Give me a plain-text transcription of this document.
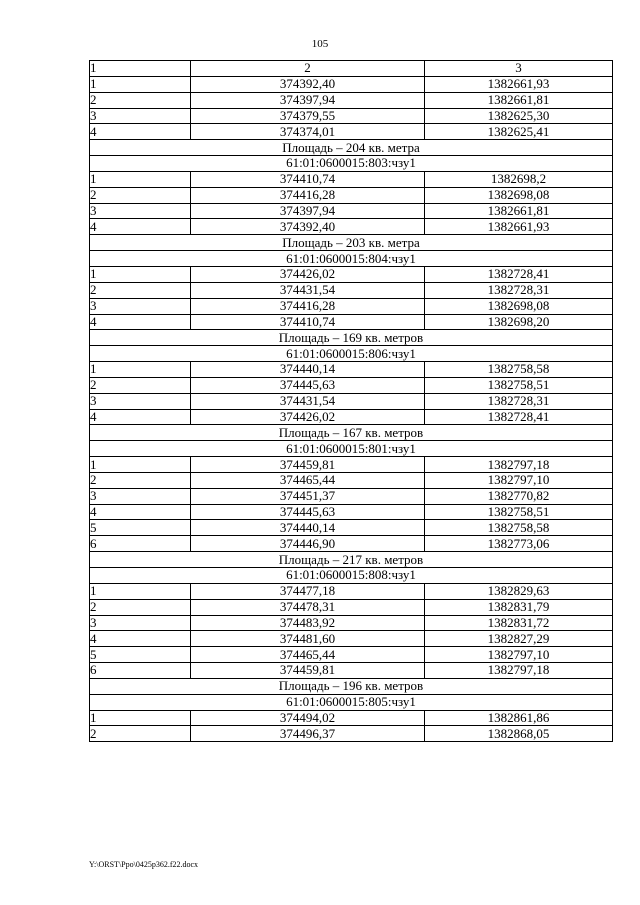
105
1	2	3
1	374392,40	1382661,93
2	374397,94	1382661,81
3	374379,55	1382625,30
4	374374,01	1382625,41
Площадь – 204 кв. метра		
61:01:0600015:803:чзу1		
1	374410,74	1382698,2
2	374416,28	1382698,08
3	374397,94	1382661,81
4	374392,40	1382661,93
Площадь – 203 кв. метра		
61:01:0600015:804:чзу1		
1	374426,02	1382728,41
2	374431,54	1382728,31
3	374416,28	1382698,08
4	374410,74	1382698,20
Площадь – 169 кв. метров		
61:01:0600015:806:чзу1		
1	374440,14	1382758,58
2	374445,63	1382758,51
3	374431,54	1382728,31
4	374426,02	1382728,41
Площадь – 167 кв. метров		
61:01:0600015:801:чзу1		
1	374459,81	1382797,18
2	374465,44	1382797,10
3	374451,37	1382770,82
4	374445,63	1382758,51
5	374440,14	1382758,58
6	374446,90	1382773,06
Площадь – 217 кв. метров		
61:01:0600015:808:чзу1		
1	374477,18	1382829,63
2	374478,31	1382831,79
3	374483,92	1382831,72
4	374481,60	1382827,29
5	374465,44	1382797,10
6	374459,81	1382797,18
Площадь – 196 кв. метров		
61:01:0600015:805:чзу1		
1	374494,02	1382861,86
2	374496,37	1382868,05
Y:\ORST\Ppo\0425p362.f22.docx
